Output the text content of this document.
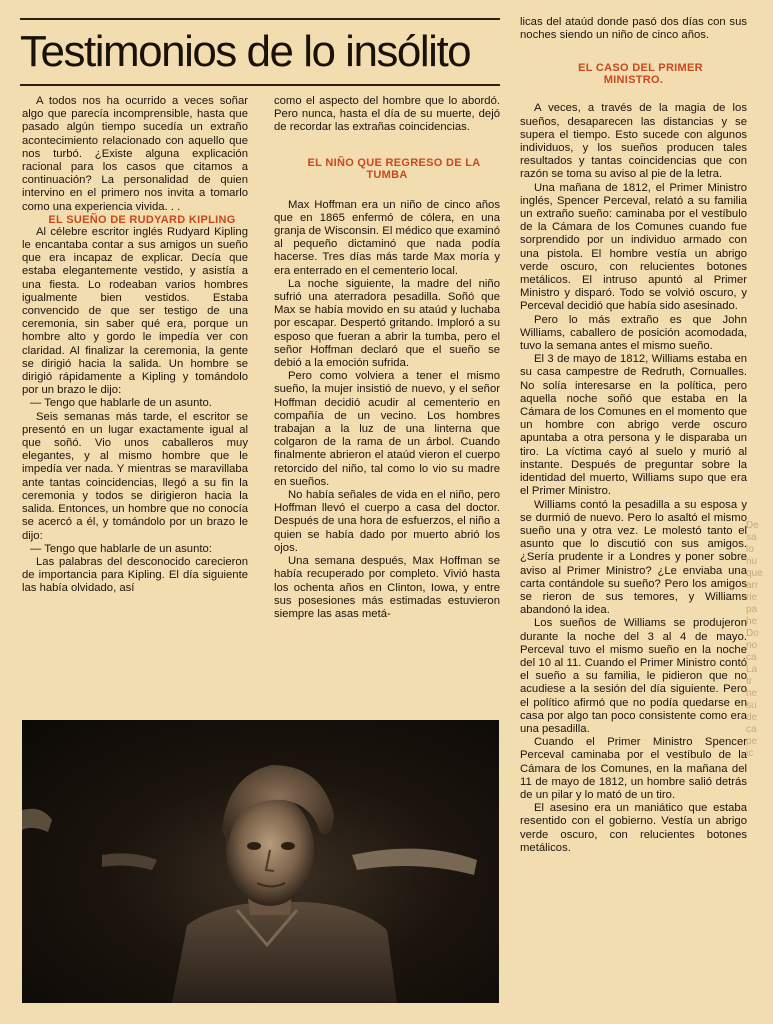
Testimonios de lo insólito

A todos nos ha ocurrido a veces soñar algo que parecía incomprensible, hasta que pasado algún tiempo sucedía un extraño acontecimiento relacionado con aquello que nos turbó. ¿Existe alguna explicación racional para los casos que citamos a continuación? La personalidad de quien intervino en el primero nos invita a tomarlo como una experiencia vivida. . .

EL SUEÑO DE RUDYARD KIPLING

Al célebre escritor inglés Rudyard Kipling le encantaba contar a sus amigos un sueño que era incapaz de explicar. Decía que estaba elegantemente vestido, y asistía a una fiesta. Lo rodeaban varios hombres igualmente bien vestidos. Estaba convencido de que ser testigo de una ceremonia, sin saber qué era, porque un hombre alto y gordo le impedía ver con claridad. Al finalizar la ceremonia, la gente se dirigió hacia la salida. Un hombre se dirigió rápidamente a Kipling y tomándolo por un brazo le dijo:

— Tengo que hablarle de un asunto.

Seis semanas más tarde, el escritor se presentó en un lugar exactamente igual al que soñó. Vio unos caballeros muy elegantes, y al mismo hombre que le impedía ver nada. Y mientras se maravillaba ante tantas coincidencias, llegó a su fin la ceremonia y todos se dirigieron hacia la salida. Entonces, un hombre que no conocía se acercó a él, y tomándolo por un brazo le dijo:

— Tengo que hablarle de un asunto:

Las palabras del desconocido carecieron de importancia para Kipling. El día siguiente las había olvidado, así

como el aspecto del hombre que lo abordó. Pero nunca, hasta el día de su muerte, dejó de recordar las extrañas coincidencias.

EL NIÑO QUE REGRESO DE LA TUMBA

Max Hoffman era un niño de cinco años que en 1865 enfermó de cólera, en una granja de Wisconsin. El médico que examinó al pequeño dictaminó que nada podía hacerse. Tres días más tarde Max moría y era enterrado en el cementerio local.

La noche siguiente, la madre del niño sufrió una aterradora pesadilla. Soñó que Max se había movido en su ataúd y luchaba por escapar. Despertó gritando. Imploró a su esposo que fueran a abrir la tumba, pero el señor Hoffman declaró que el sueño se debió a la emoción sufrida.

Pero como volviera a tener el mismo sueño, la mujer insistió de nuevo, y el señor Hoffman decidió acudir al cementerio en compañía de un vecino. Los hombres trabajan a la luz de una linterna que colgaron de la rama de un árbol. Cuando finalmente abrieron el ataúd vieron el cuerpo retorcido del niño, tal como lo vio su madre en sueños.

No había señales de vida en el niño, pero Hoffman llevó el cuerpo a casa del doctor. Después de una hora de esfuerzos, el niño a quien se había dado por muerto abrió los ojos.

Una semana después, Max Hoffman se había recuperado por completo. Vivió hasta los ochenta años en Clinton, Iowa, y entre sus posesiones más estimadas estuvieron siempre las asas metá-

licas del ataúd donde pasó dos días con sus noches siendo un niño de cinco años.

EL CASO DEL PRIMER MINISTRO.

A veces, a través de la magia de los sueños, desaparecen las distancias y se supera el tiempo. Esto sucede con algunos individuos, y los sueños producen tales resultados y tantas coincidencias que con razón se toma su aviso al pie de la letra.

Una mañana de 1812, el Primer Ministro inglés, Spencer Perceval, relató a su familia un extraño sueño: caminaba por el vestíbulo de la Cámara de los Comunes cuando fue sorprendido por un individuo armado con una pistola. El hombre vestía un abrigo verde oscuro, con relucientes botones metálicos. El intruso apuntó al Primer Ministro y disparó. Todo se volvió oscuro, y Perceval decidió que había sido asesinado.

Pero lo más extraño es que John Williams, caballero de posición acomodada, tuvo la semana antes el mismo sueño.

El 3 de mayo de 1812, Williams estaba en su casa campestre de Redruth, Cornualles. No solía interesarse en la política, pero aquella noche soñó que estaba en la Cámara de los Comunes en el momento que un hombre con abrigo verde oscuro apuntaba a otra persona y le disparaba un tiro. La víctima cayó al suelo y murió al instante. Después de preguntar sobre la identidad del muerto, Williams supo que era el Primer Ministro.

Williams contó la pesadilla a su esposa y se durmió de nuevo. Pero lo asaltó el mismo sueño una y otra vez. Le molestó tanto el asunto que lo discutió con sus amigos. ¿Sería prudente ir a Londres y poner sobre aviso al Primer Ministro? ¿Le enviaba una carta contándole su sueño? Pero los amigos se rieron de sus temores, y Williams abandonó la idea.

Los sueños de Williams se produjeron durante la noche del 3 al 4 de mayo. Perceval tuvo el mismo sueño en la noche del 10 al 11. Cuando el Primer Ministro contó el sueño a su familia, le pidieron que no acudiese a la sesión del día siguiente. Pero el político afirmó que no podía quedarse en casa por algo tan poco consistente como era una pesadilla.

Cuando el Primer Ministro Spencer Perceval caminaba por el vestíbulo de la Cámara de los Comunes, en la mañana del 11 de mayo de 1812, un hombre salió detrás de un pilar y lo mató de un tiro.

El asesino era un maniático que estaba resentido con el gobierno. Vestía un abrigo verde oscuro, con relucientes botones metálicos.

De
sa
lo
nu
que
arr
rie
pa
he
Do
no
ca
La
tr
ne
su
de
ca
pe
ic
